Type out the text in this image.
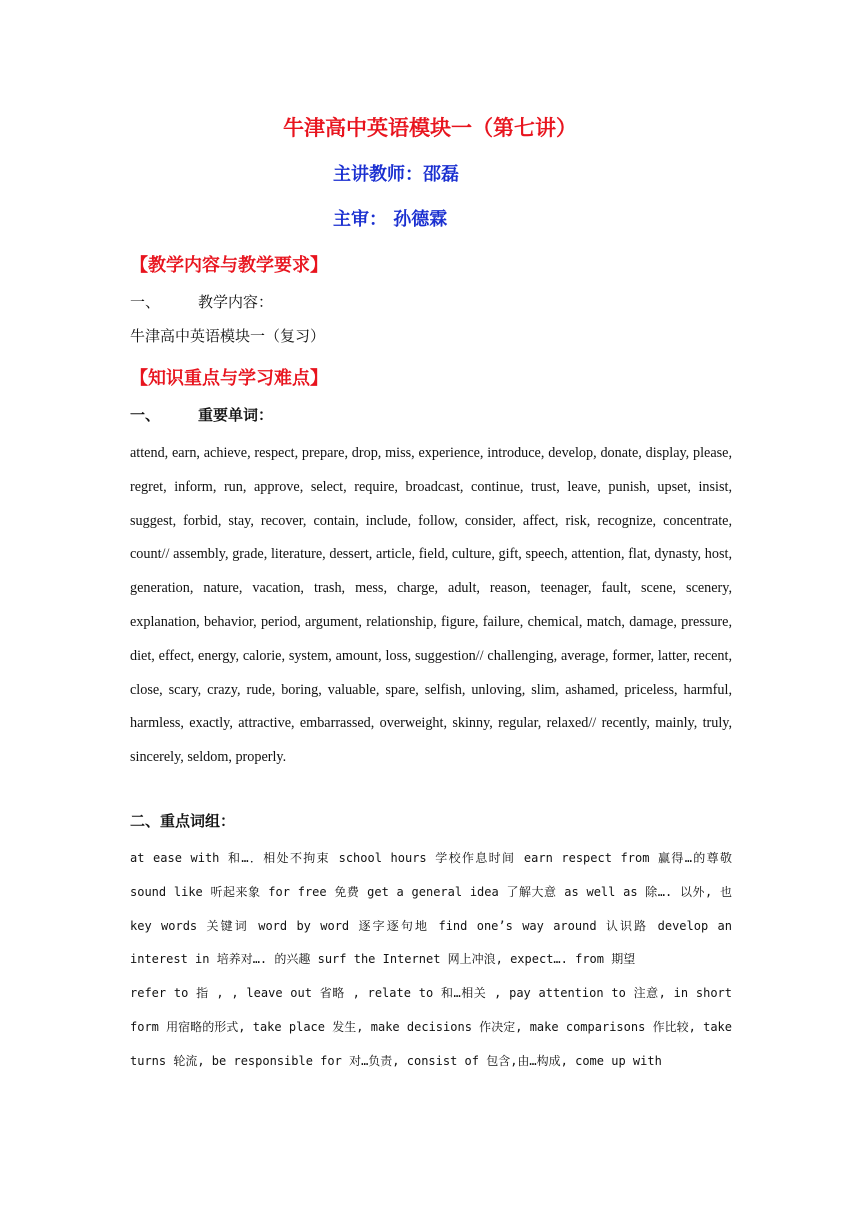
牛津高中英语模块一（第七讲）
主讲教师：邵磊
主审： 孙德霖
【教学内容与教学要求】
一、	教学内容：
牛津高中英语模块一（复习）
【知识重点与学习难点】
一、	重要单词：
attend, earn, achieve, respect, prepare, drop, miss, experience, introduce, develop, donate, display, please, regret, inform, run, approve, select, require, broadcast, continue, trust, leave, punish, upset, insist, suggest, forbid, stay, recover, contain, include, follow, consider, affect, risk, recognize, concentrate, count// assembly, grade, literature, dessert, article, field, culture, gift, speech, attention, flat, dynasty, host, generation, nature, vacation, trash, mess, charge, adult, reason, teenager, fault, scene, scenery, explanation, behavior, period, argument, relationship, figure, failure, chemical, match, damage, pressure, diet, effect, energy, calorie, system, amount, loss, suggestion// challenging, average, former, latter, recent, close, scary, crazy, rude, boring, valuable, spare, selfish, unloving, slim, ashamed, priceless, harmful, harmless, exactly, attractive, embarrassed, overweight, skinny, regular, relaxed// recently, mainly, truly, sincerely, seldom, properly.
二、重点词组：
at ease with 和…．相处不拘束 school hours 学校作息时间 earn respect from 赢得…的尊敬 sound like 听起来象 for free 免费 get a general idea 了解大意 as well as 除…. 以外, 也 key words 关键词 word by word 逐字逐句地 find one’s way around 认识路 develop an interest in 培养对…. 的兴趣 surf the Internet 网上冲浪, expect…. from 期望
refer to 指 , , leave out 省略 , relate to 和…相关 , pay attention to 注意, in short form 用宿略的形式, take place 发生, make decisions 作决定, make comparisons 作比较, take turns 轮流, be responsible for 对…负责, consist of 包含,由…构成, come up with
